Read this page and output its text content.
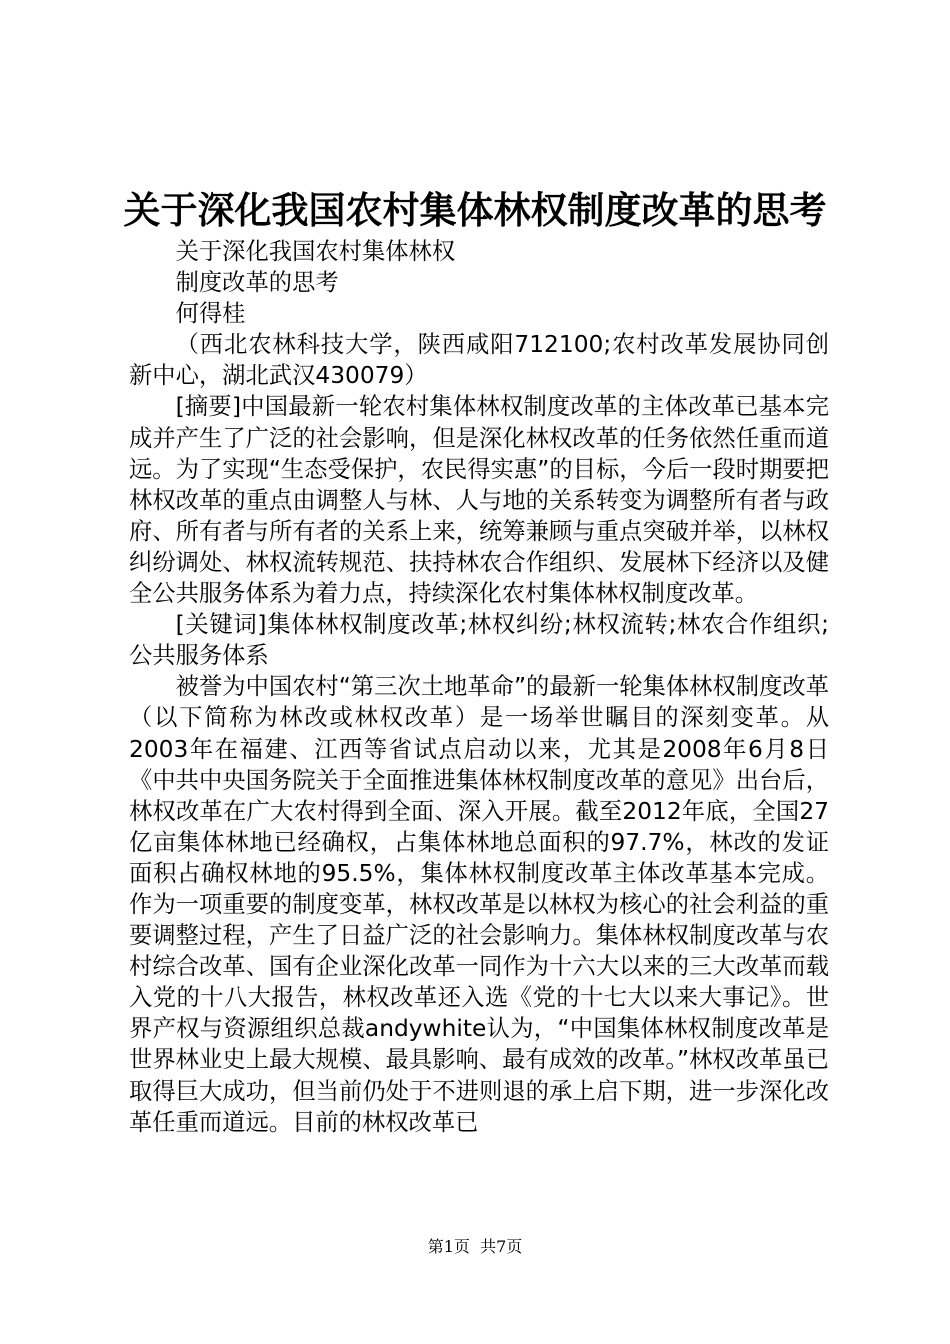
关于深化我国农村集体林权制度改革的思考

关于深化我国农村集体林权

制度改革的思考

何得桂

（西北农林科技大学，陕西咸阳712100;农村改革发展协同创新中心，湖北武汉430079）

[摘要]中国最新一轮农村集体林权制度改革的主体改革已基本完成并产生了广泛的社会影响，但是深化林权改革的任务依然任重而道远。为了实现“生态受保护，农民得实惠”的目标，今后一段时期要把林权改革的重点由调整人与林、人与地的关系转变为调整所有者与政府、所有者与所有者的关系上来，统筹兼顾与重点突破并举，以林权纠纷调处、林权流转规范、扶持林农合作组织、发展林下经济以及健全公共服务体系为着力点，持续深化农村集体林权制度改革。

[关键词]集体林权制度改革;林权纠纷;林权流转;林农合作组织;公共服务体系

被誉为中国农村“第三次土地革命”的最新一轮集体林权制度改革（以下简称为林改或林权改革）是一场举世瞩目的深刻变革。从2003年在福建、江西等省试点启动以来，尤其是2008年6月8日《中共中央国务院关于全面推进集体林权制度改革的意见》出台后，林权改革在广大农村得到全面、深入开展。截至2012年底，全国27亿亩集体林地已经确权，占集体林地总面积的97.7%，林改的发证面积占确权林地的95.5%，集体林权制度改革主体改革基本完成。作为一项重要的制度变革，林权改革是以林权为核心的社会利益的重要调整过程，产生了日益广泛的社会影响力。集体林权制度改革与农村综合改革、国有企业深化改革一同作为十六大以来的三大改革而载入党的十八大报告，林权改革还入选《党的十七大以来大事记》。世界产权与资源组织总裁andywhite认为，“中国集体林权制度改革是世界林业史上最大规模、最具影响、最有成效的改革。”林权改革虽已取得巨大成功，但当前仍处于不进则退的承上启下期，进一步深化改革任重而道远。目前的林权改革已

第1页 共7页
